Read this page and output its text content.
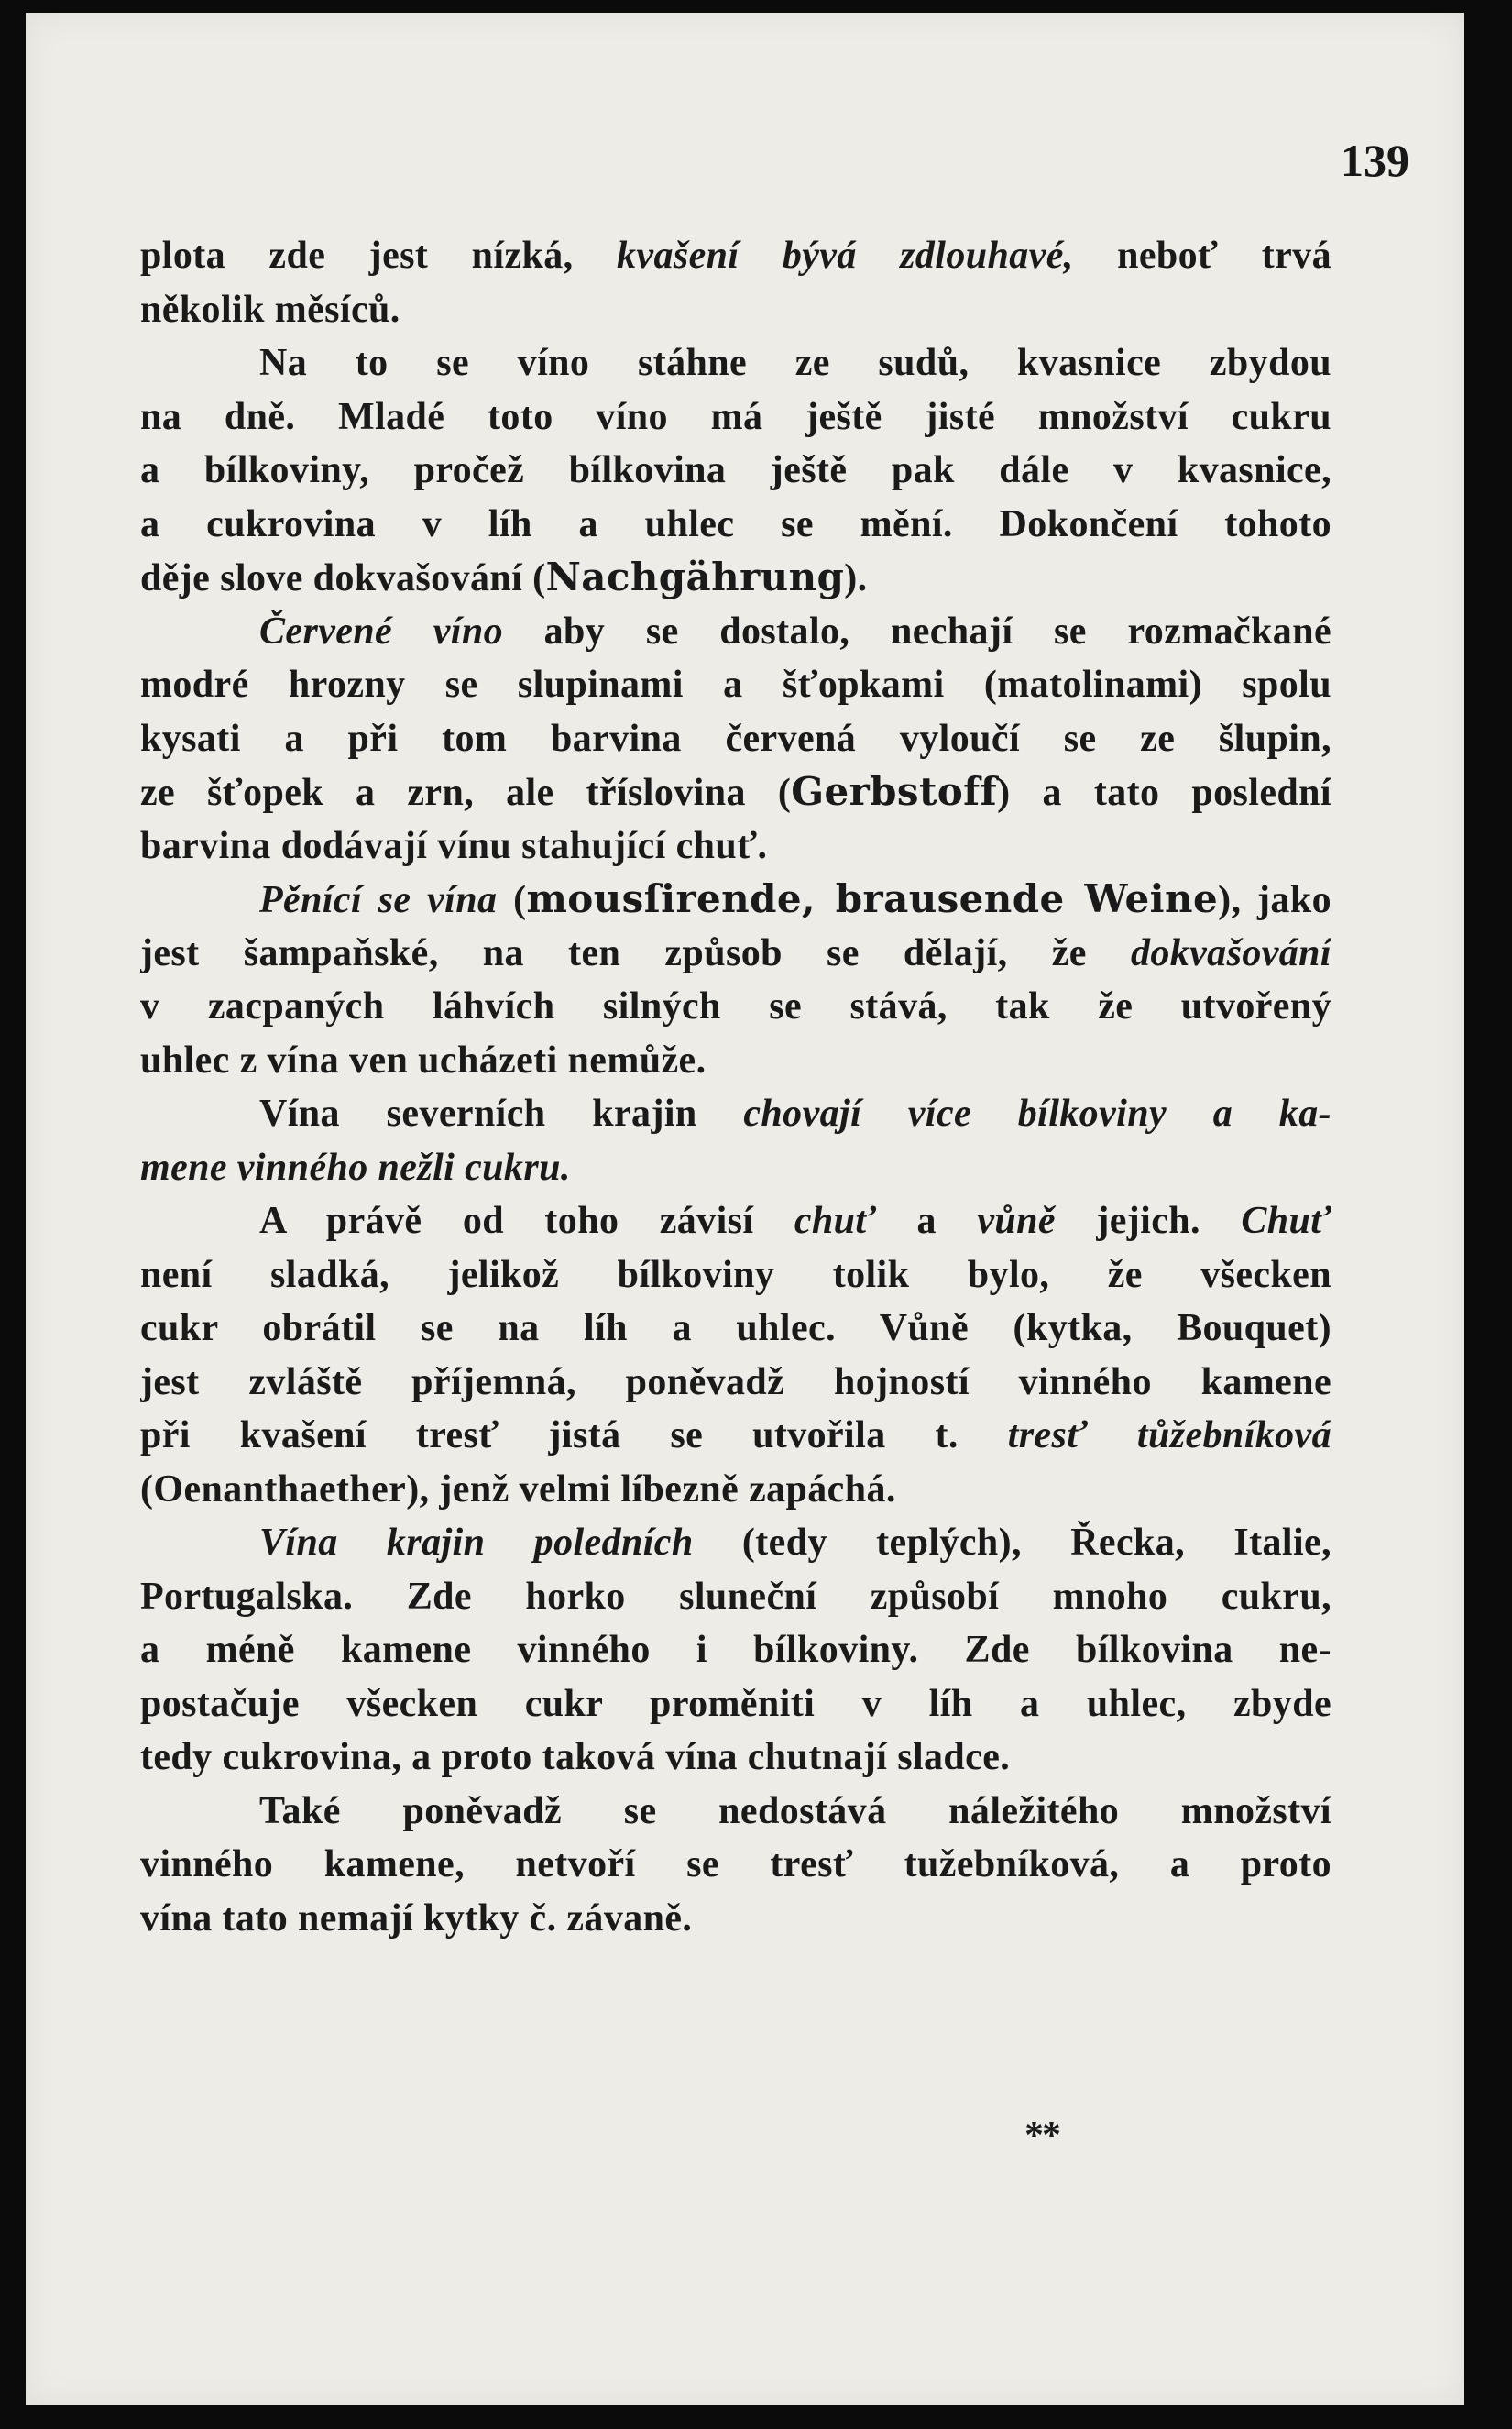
139
plota zde jest nízká, kvašení bývá zdlouhavé, neboť trvá
několik měsíců.
Na to se víno stáhne ze sudů, kvasnice zbydou
na dně. Mladé toto víno má ještě jisté množství cukru
a bílkoviny, pročež bílkovina ještě pak dále v kvasnice,
a cukrovina v líh a uhlec se mění. Dokončení tohoto
děje slove dokvašování (Nachgährung).
Červené víno aby se dostalo, nechají se rozmačkané
modré hrozny se slupinami a šťopkami (matolinami) spolu
kysati a při tom barvina červená vyloučí se ze šlupin,
ze šťopek a zrn, ale tříslovina (Gerbstoff) a tato poslední
barvina dodávají vínu stahující chuť.
Pěnící se vína (mousſirende, brausende Weine), jako
jest šampaňské, na ten způsob se dělají, že dokvašování
v zacpaných láhvích silných se stává, tak že utvořený
uhlec z vína ven ucházeti nemůže.
Vína severních krajin chovají více bílkoviny a ka-
mene vinného nežli cukru.
A právě od toho závisí chuť a vůně jejich. Chuť
není sladká, jelikož bílkoviny tolik bylo, že všecken
cukr obrátil se na líh a uhlec. Vůně (kytka, Bouquet)
jest zvláště příjemná, poněvadž hojností vinného kamene
při kvašení tresť jistá se utvořila t. tresť tůžebníková
(Oenanthaether), jenž velmi líbezně zapáchá.
Vína krajin poledních (tedy teplých), Řecka, Italie,
Portugalska. Zde horko sluneční způsobí mnoho cukru,
a méně kamene vinného i bílkoviny. Zde bílkovina ne-
postačuje všecken cukr proměniti v líh a uhlec, zbyde
tedy cukrovina, a proto taková vína chutnají sladce.
Také poněvadž se nedostává náležitého množství
vinného kamene, netvoří se tresť tužebníková, a proto
vína tato nemají kytky č. závaně.
**
